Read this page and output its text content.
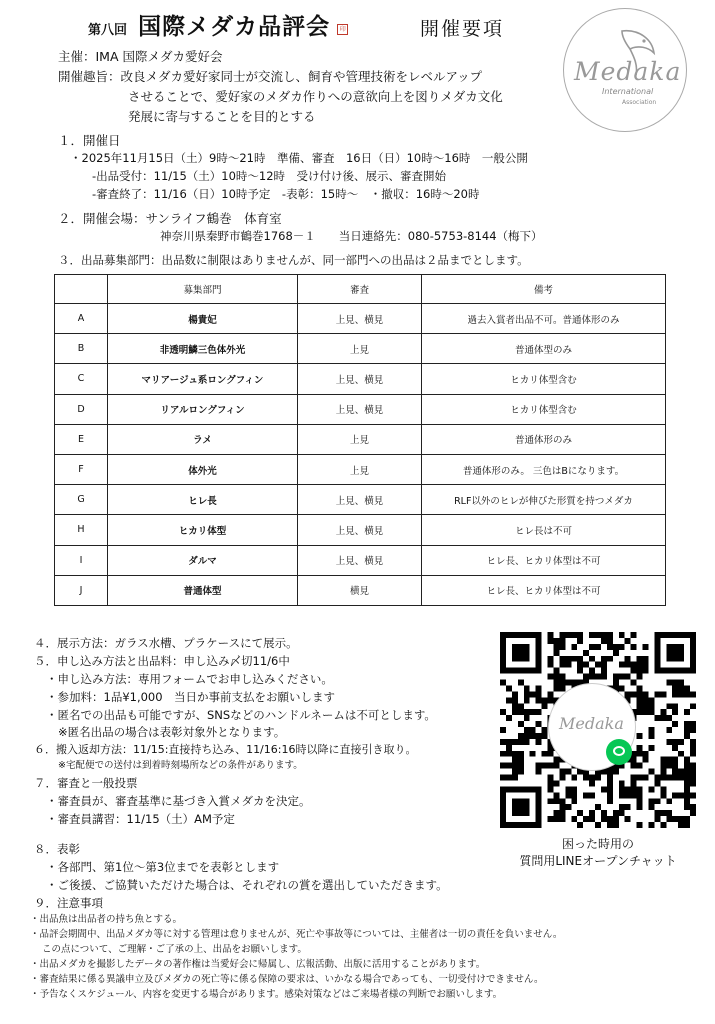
第八回 国際メダカ品評会 印	開催要項
Medaka
International
Association
主催：IMA 国際メダカ愛好会
開催趣旨：改良メダカ愛好家同士が交流し、飼育や管理技術をレベルアップ
させることで、愛好家のメダカ作りへの意欲向上を図りメダカ文化
発展に寄与することを目的とする
１．開催日
・2025年11月15日（土）9時～21時　準備、審査　16日（日）10時～16時　一般公開
-出品受付：11/15（土）10時～12時　受け付け後、展示、審査開始
-審査終了：11/16（日）10時予定　-表彰：15時～　・撤収：16時～20時
２．開催会場：サンライフ鶴巻　体育室
神奈川県秦野市鶴巻1768－１　　当日連絡先：080-5753-8144（梅下）
３．出品募集部門：出品数に制限はありませんが、同一部門への出品は２品までとします。
	募集部門	審査	備考
A	楊貴妃	上見、横見	過去入賞者出品不可。普通体形のみ
B	非透明鱗三色体外光	上見	普通体型のみ
C	マリアージュ系ロングフィン	上見、横見	ヒカリ体型含む
D	リアルロングフィン	上見、横見	ヒカリ体型含む
E	ラメ	上見	普通体形のみ
F	体外光	上見	普通体形のみ。 三色はBになります。
G	ヒレ長	上見、横見	RLF以外のヒレが伸びた形質を持つメダカ
H	ヒカリ体型	上見、横見	ヒレ長は不可
I	ダルマ	上見、横見	ヒレ長、ヒカリ体型は不可
J	普通体型	横見	ヒレ長、ヒカリ体型は不可
４．展示方法：ガラス水槽、プラケースにて展示。
５．申し込み方法と出品料：申し込み〆切11/6中
・申し込み方法：専用フォームでお申し込みください。
・参加料：1品¥1,000　当日か事前支払をお願いします
・匿名での出品も可能ですが、SNSなどのハンドルネームは不可とします。
※匿名出品の場合は表彰対象外となります。
６．搬入返却方法：11/15:直接持ち込み、11/16:16時以降に直接引き取り。
※宅配便での送付は到着時刻場所などの条件があります。
７．審査と一般投票
・審査員が、審査基準に基づき入賞メダカを決定。
・審査員講習：11/15（土）AM予定
Medaka
困った時用の
質問用LINEオープンチャット
８．表彰
・各部門、第1位～第3位までを表彰とします
・ご後援、ご協賛いただけた場合は、それぞれの賞を選出していただきます。
９．注意事項
・出品魚は出品者の持ち魚とする。
・品評会期間中、出品メダカ等に対する管理は怠りませんが、死亡や事故等については、主催者は一切の責任を負いません。
この点について、ご理解・ご了承の上、出品をお願いします。
・出品メダカを撮影したデータの著作権は当愛好会に帰属し、広報活動、出版に活用することがあります。
・審査結果に係る異議申立及びメダカの死亡等に係る保障の要求は、いかなる場合であっても、一切受付けできません。
・予告なくスケジュール、内容を変更する場合があります。感染対策などはご来場者様の判断でお願いします。
